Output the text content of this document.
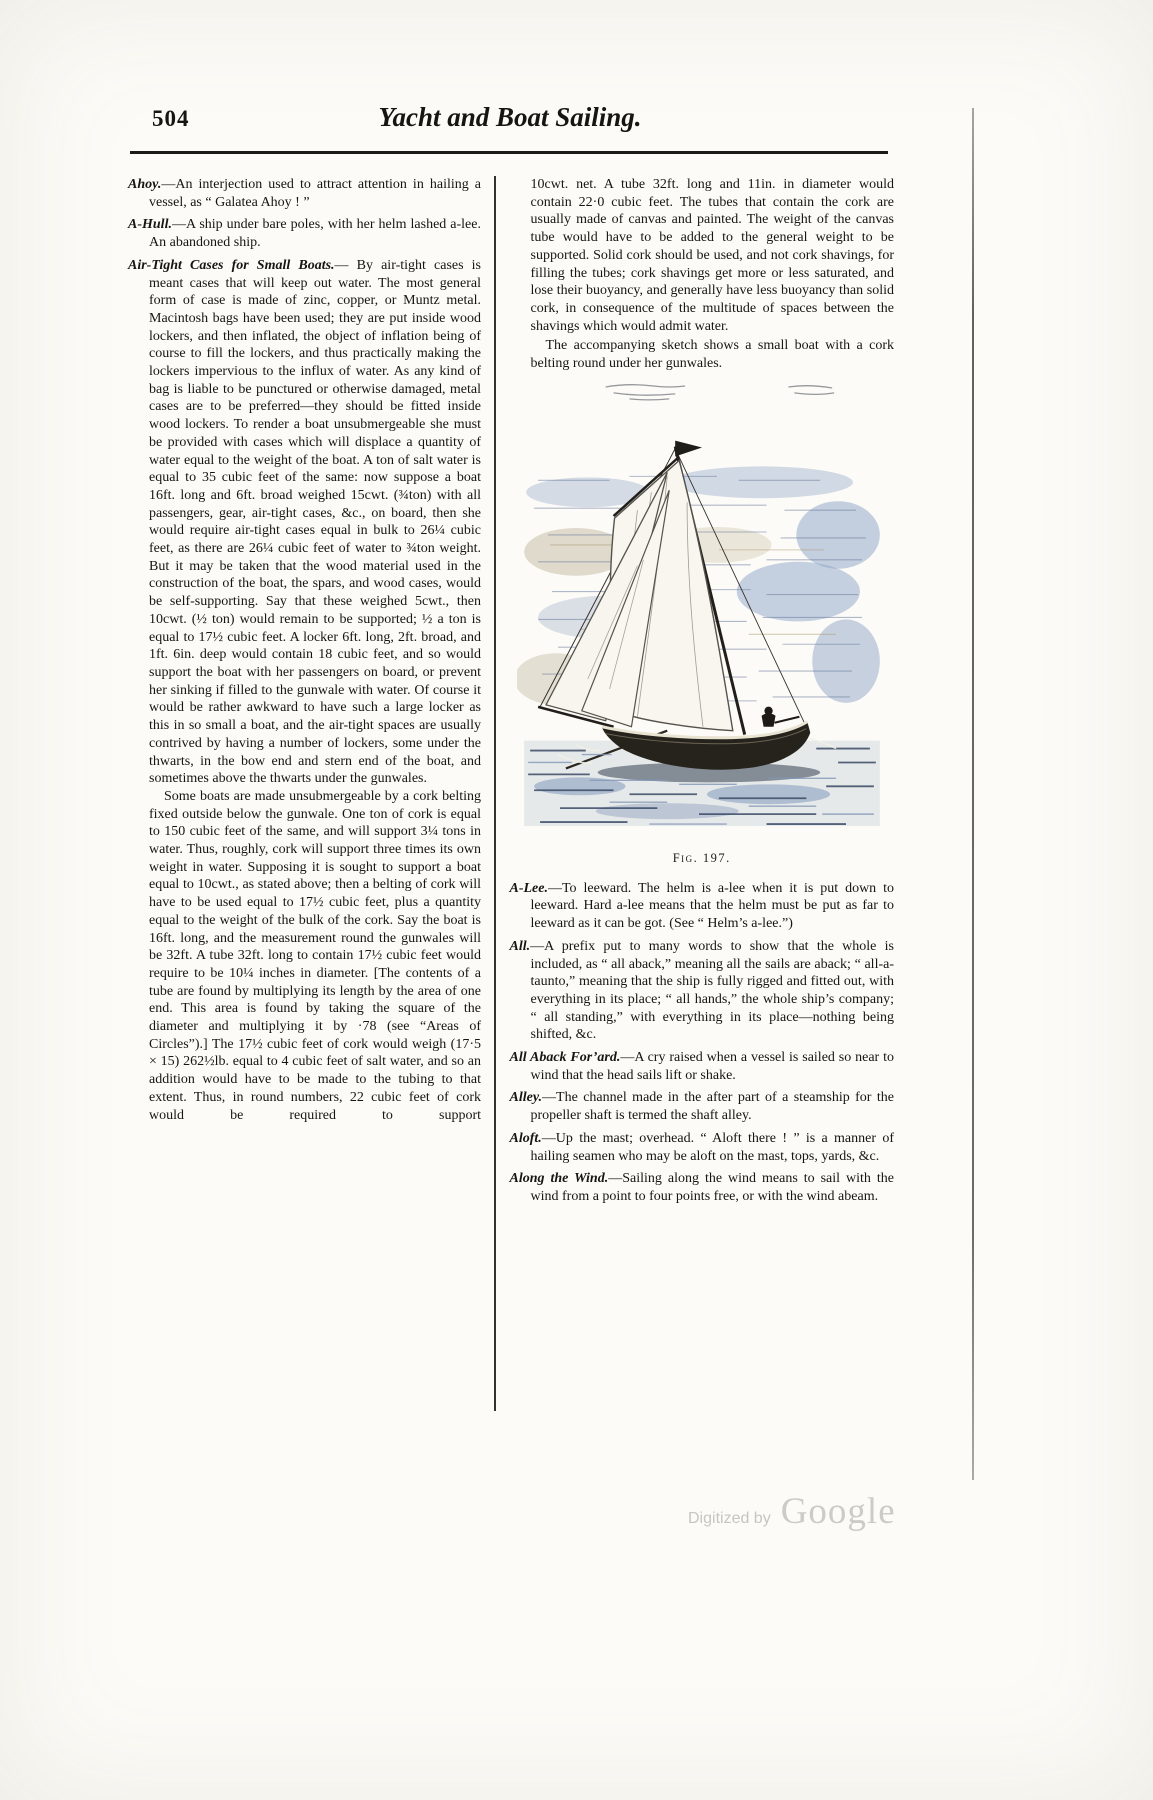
504	Yacht and Boat Sailing.

Ahoy.—An interjection used to attract attention in hailing a vessel, as “ Galatea Ahoy ! ”

A-Hull.—A ship under bare poles, with her helm lashed a-lee. An abandoned ship.

Air-Tight Cases for Small Boats.— By air-tight cases is meant cases that will keep out water. The most general form of case is made of zinc, copper, or Muntz metal. Macintosh bags have been used; they are put inside wood lockers, and then inflated, the object of inflation being of course to fill the lockers, and thus practically making the lockers impervious to the influx of water. As any kind of bag is liable to be punctured or otherwise damaged, metal cases are to be preferred—they should be fitted inside wood lockers. To render a boat unsubmergeable she must be provided with cases which will displace a quantity of water equal to the weight of the boat. A ton of salt water is equal to 35 cubic feet of the same: now suppose a boat 16ft. long and 6ft. broad weighed 15cwt. (¾ton) with all passengers, gear, air-tight cases, &c., on board, then she would require air-tight cases equal in bulk to 26¼ cubic feet, as there are 26¼ cubic feet of water to ¾ton weight. But it may be taken that the wood material used in the construction of the boat, the spars, and wood cases, would be self-supporting. Say that these weighed 5cwt., then 10cwt. (½ ton) would remain to be supported; ½ a ton is equal to 17½ cubic feet. A locker 6ft. long, 2ft. broad, and 1ft. 6in. deep would contain 18 cubic feet, and so would support the boat with her passengers on board, or prevent her sinking if filled to the gunwale with water. Of course it would be rather awkward to have such a large locker as this in so small a boat, and the air-tight spaces are usually contrived by having a number of lockers, some under the thwarts, in the bow end and stern end of the boat, and sometimes above the thwarts under the gunwales.

Some boats are made unsubmergeable by a cork belting fixed outside below the gunwale. One ton of cork is equal to 150 cubic feet of the same, and will support 3¼ tons in water. Thus, roughly, cork will support three times its own weight in water. Supposing it is sought to support a boat equal to 10cwt., as stated above; then a belting of cork will have to be used equal to 17½ cubic feet, plus a quantity equal to the weight of the bulk of the cork. Say the boat is 16ft. long, and the measurement round the gunwales will be 32ft. A tube 32ft. long to contain 17½ cubic feet would require to be 10¼ inches in diameter. [The contents of a tube are found by multiplying its length by the area of one end. This area is found by taking the square of the diameter and multiplying it by ·78 (see “Areas of Circles”).] The 17½ cubic feet of cork would weigh (17·5 × 15) 262½lb. equal to 4 cubic feet of salt water, and so an addition would have to be made to the tubing to that extent. Thus, in round numbers, 22 cubic feet of cork would be required to support

10cwt. net. A tube 32ft. long and 11in. in diameter would contain 22·0 cubic feet. The tubes that contain the cork are usually made of canvas and painted. The weight of the canvas tube would have to be added to the general weight to be supported. Solid cork should be used, and not cork shavings, for filling the tubes; cork shavings get more or less saturated, and lose their buoyancy, and generally have less buoyancy than solid cork, in consequence of the multitude of spaces between the shavings which would admit water.

The accompanying sketch shows a small boat with a cork belting round under her gunwales.

Fig. 197.

A-Lee.—To leeward. The helm is a-lee when it is put down to leeward. Hard a-lee means that the helm must be put as far to leeward as it can be got. (See “ Helm’s a-lee.”)

All.—A prefix put to many words to show that the whole is included, as “ all aback,” meaning all the sails are aback; “ all-a-taunto,” meaning that the ship is fully rigged and fitted out, with everything in its place; “ all hands,” the whole ship’s company; “ all standing,” with everything in its place—nothing being shifted, &c.

All Aback For’ard.—A cry raised when a vessel is sailed so near to wind that the head sails lift or shake.

Alley.—The channel made in the after part of a steamship for the propeller shaft is termed the shaft alley.

Aloft.—Up the mast; overhead. “ Aloft there ! ” is a manner of hailing seamen who may be aloft on the mast, tops, yards, &c.

Along the Wind.—Sailing along the wind means to sail with the wind from a point to four points free, or with the wind abeam.

Digitized by Google
